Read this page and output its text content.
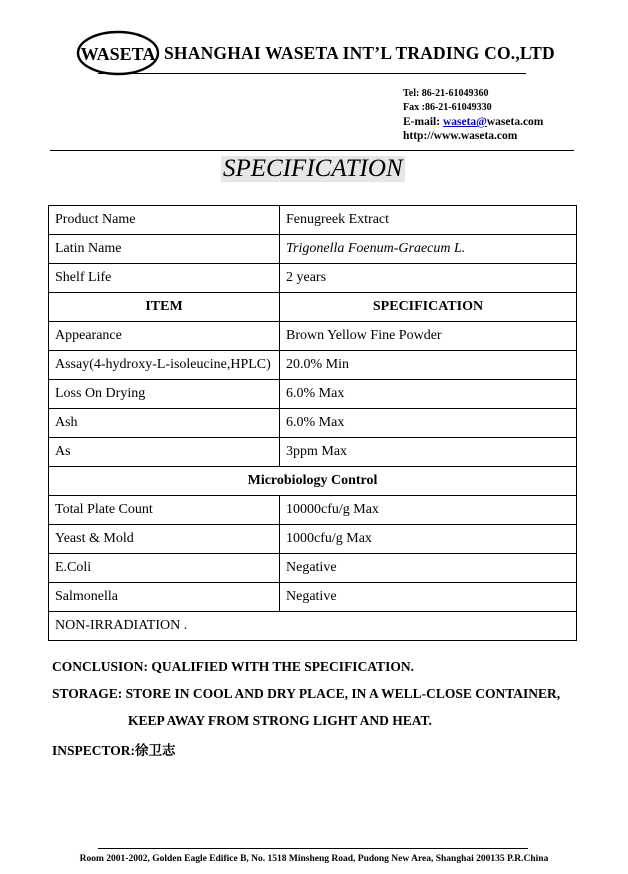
WASETA SHANGHAI WASETA INT’L TRADING CO.,LTD
Tel: 86-21-61049360
Fax :86-21-61049330
E-mail: waseta@waseta.com
http://www.waseta.com
SPECIFICATION
Product Name	Fenugreek Extract
Latin Name	Trigonella Foenum-Graecum L.
Shelf Life	2 years
ITEM	SPECIFICATION
Appearance	Brown Yellow Fine Powder
Assay(4-hydroxy-L-isoleucine,HPLC)	20.0% Min
Loss On Drying	6.0% Max
Ash	6.0% Max
As	3ppm Max
Microbiology Control	
Total Plate Count	10000cfu/g Max
Yeast & Mold	1000cfu/g Max
E.Coli	Negative
Salmonella	Negative
NON-IRRADIATION .	
CONCLUSION: QUALIFIED WITH THE SPECIFICATION.
STORAGE: STORE IN COOL AND DRY PLACE, IN A WELL-CLOSE CONTAINER,
KEEP AWAY FROM STRONG LIGHT AND HEAT.
INSPECTOR:徐卫志
Room 2001-2002, Golden Eagle Edifice B, No. 1518 Minsheng Road, Pudong New Area, Shanghai 200135 P.R.China
